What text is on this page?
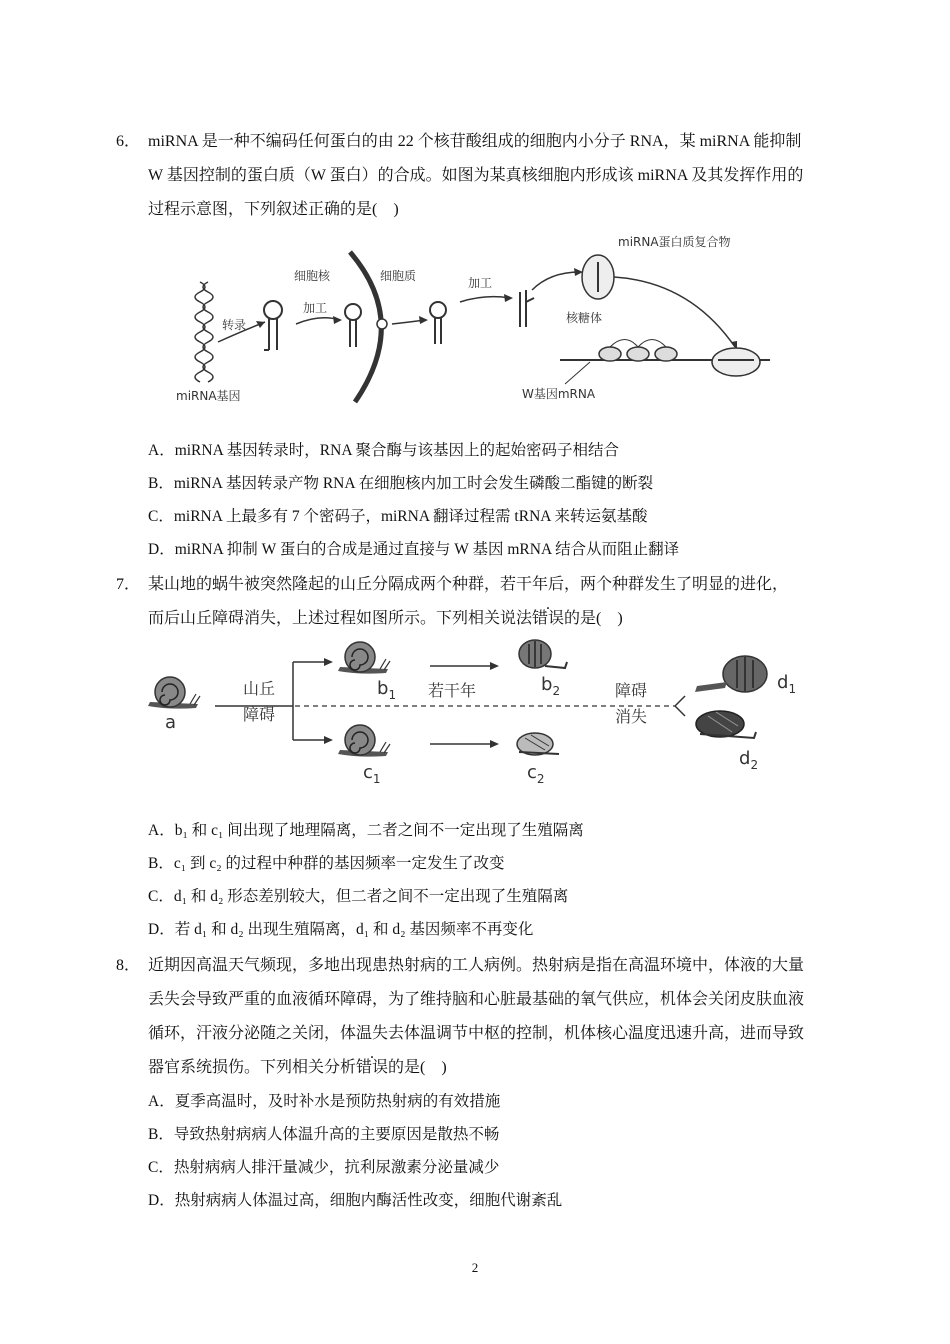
6． miRNA 是一种不编码任何蛋白的由 22 个核苷酸组成的细胞内小分子 RNA，某 miRNA 能抑制
W 基因控制的蛋白质（W 蛋白）的合成。如图为某真核细胞内形成该 miRNA 及其发挥作用的
过程示意图，下列叙述正确的是(　)
miRNA基因
转录
加工
细胞核	细胞质	加工
miRNA蛋白质复合物
核糖体
W基因mRNA
A．miRNA 基因转录时，RNA 聚合酶与该基因上的起始密码子相结合
B．miRNA 基因转录产物 RNA 在细胞核内加工时会发生磷酸二酯键的断裂
C．miRNA 上最多有 7 个密码子，miRNA 翻译过程需 tRNA 来转运氨基酸
D．miRNA 抑制 W 蛋白的合成是通过直接与 W 基因 mRNA 结合从而阻止翻译
7． 某山地的蜗牛被突然隆起的山丘分隔成两个种群，若干年后，两个种群发生了明显的进化，
而后山丘障碍消失，上述过程如图所示。下列相关说法错误的是(　)
a
山丘
障碍
$b_1$ 若干年	$b_2$
$c_1$	$c_2$
障碍
消失
$d_1$
$d_2$
A．b₁ 和 c₁ 间出现了地理隔离，二者之间不一定出现了生殖隔离
B．c₁ 到 c₂ 的过程中种群的基因频率一定发生了改变
C．d₁ 和 d₂ 形态差别较大，但二者之间不一定出现了生殖隔离
D．若 d₁ 和 d₂ 出现生殖隔离，d₁ 和 d₂ 基因频率不再变化
8． 近期因高温天气频现，多地出现患热射病的工人病例。热射病是指在高温环境中，体液的大量
丢失会导致严重的血液循环障碍，为了维持脑和心脏最基础的氧气供应，机体会关闭皮肤血液
循环，汗液分泌随之关闭，体温失去体温调节中枢的控制，机体核心温度迅速升高，进而导致
器官系统损伤。下列相关分析错误的是(　)
A．夏季高温时，及时补水是预防热射病的有效措施
B．导致热射病病人体温升高的主要原因是散热不畅
C．热射病病人排汗量减少，抗利尿激素分泌量减少
D．热射病病人体温过高，细胞内酶活性改变，细胞代谢紊乱
2
